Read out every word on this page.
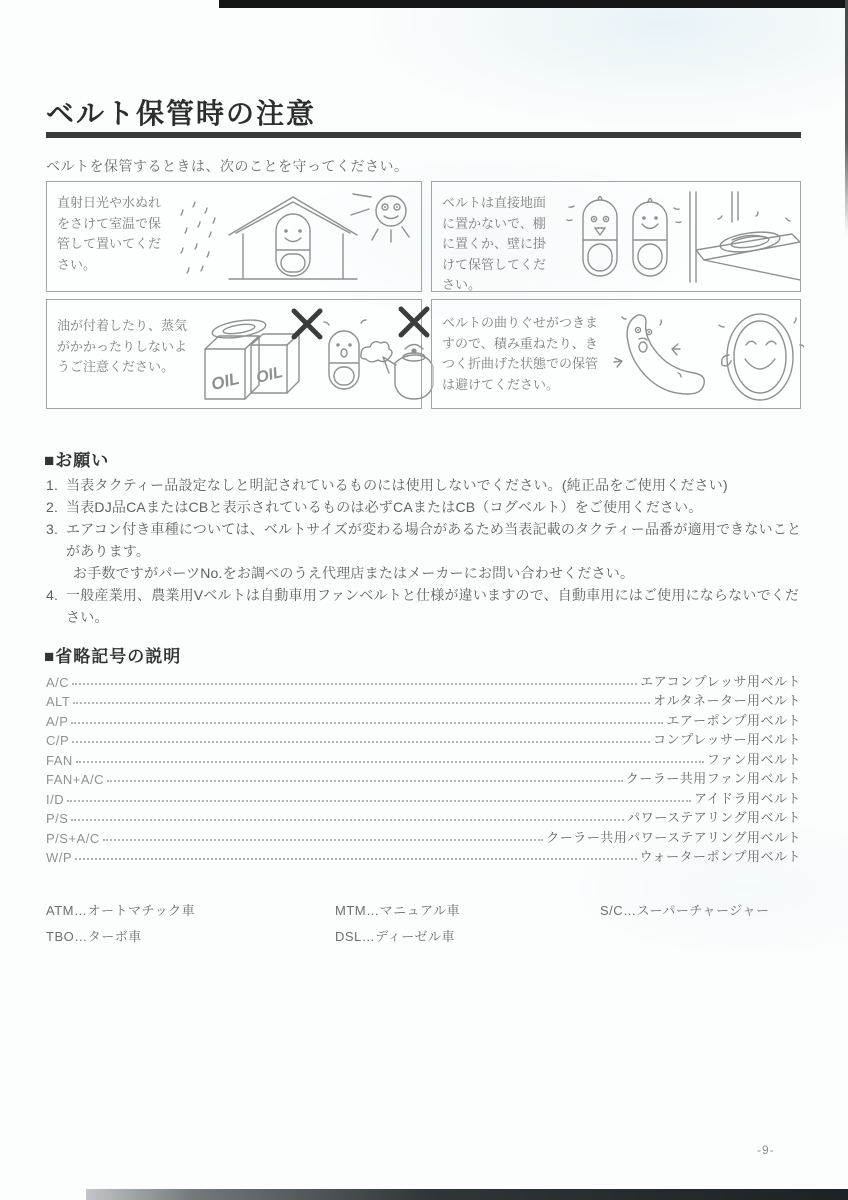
ベルト保管時の注意
ベルトを保管するときは、次のことを守ってください。
直射日光や水ぬれをさけて室温で保管して置いてください。
ベルトは直接地面に置かないで、棚に置くか、壁に掛けて保管してください。
油が付着したり、蒸気がかかったりしないようご注意ください。
OIL OIL
ベルトの曲りぐせがつきますので、積み重ねたり、きつく折曲げた状態での保管は避けてください。
■お願い
1. 当表タクティー品設定なしと明記されているものには使用しないでください。(純正品をご使用ください)
2. 当表DJ品CAまたはCBと表示されているものは必ずCAまたはCB（コグベルト）をご使用ください。
3. エアコン付き車種については、ベルトサイズが変わる場合があるため当表記載のタクティー品番が適用できないことがあります。
お手数ですがパーツNo.をお調べのうえ代理店またはメーカーにお問い合わせください。
4. 一般産業用、農業用Vベルトは自動車用ファンベルトと仕様が違いますので、自動車用にはご使用にならないでください。
■省略記号の説明
A/C	エアコンプレッサ用ベルト
ALT	オルタネーター用ベルト
A/P	エアーポンプ用ベルト
C/P	コンプレッサー用ベルト
FAN	ファン用ベルト
FAN+A/C	クーラー共用ファン用ベルト
I/D	アイドラ用ベルト
P/S	パワーステアリング用ベルト
P/S+A/C	クーラー共用パワーステアリング用ベルト
W/P	ウォーターポンプ用ベルト
ATM…オートマチック車
TBO…ターボ車
MTM…マニュアル車
DSL…ディーゼル車
S/C…スーパーチャージャー
-9-
